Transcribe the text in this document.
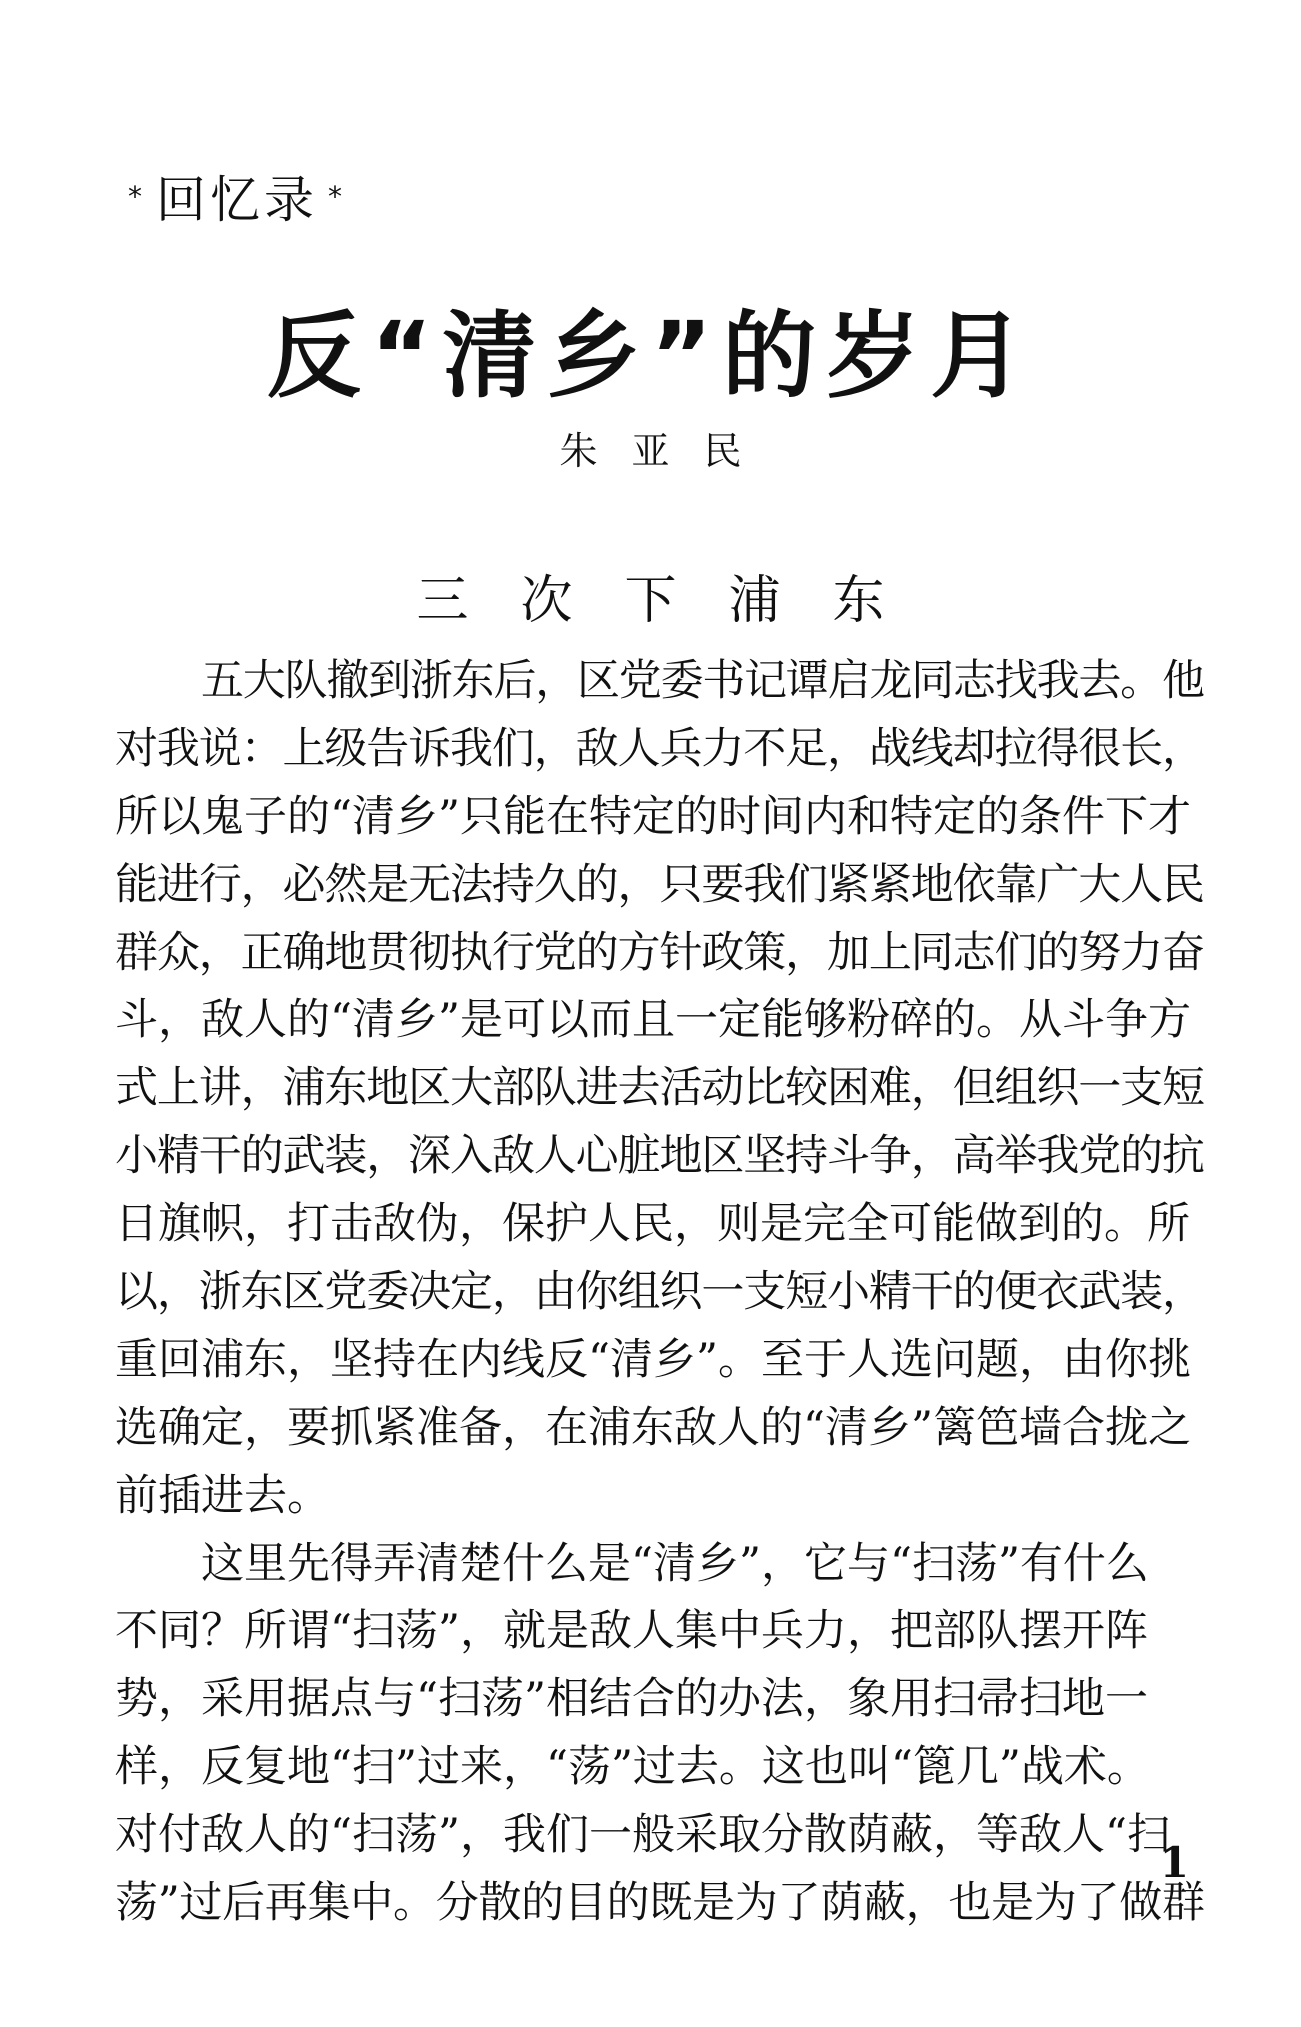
* 回忆录 *
反“清乡”的岁月
朱亚民
三次下浦东
五大队撤到浙东后，区党委书记谭启龙同志找我去。他
对我说：上级告诉我们，敌人兵力不足，战线却拉得很长，
所以鬼子的“清乡”只能在特定的时间内和特定的条件下才
能进行，必然是无法持久的，只要我们紧紧地依靠广大人民
群众，正确地贯彻执行党的方针政策，加上同志们的努力奋
斗，敌人的“清乡”是可以而且一定能够粉碎的。从斗争方
式上讲，浦东地区大部队进去活动比较困难，但组织一支短
小精干的武装，深入敌人心脏地区坚持斗争，高举我党的抗
日旗帜，打击敌伪，保护人民，则是完全可能做到的。所
以，浙东区党委决定，由你组织一支短小精干的便衣武装，
重回浦东，坚持在内线反“清乡”。至于人选问题，由你挑
选确定，要抓紧准备，在浦东敌人的“清乡”篱笆墙合拢之
前插进去。
这里先得弄清楚什么是“清乡”，它与“扫荡”有什么
不同？所谓“扫荡”，就是敌人集中兵力，把部队摆开阵
势，采用据点与“扫荡”相结合的办法，象用扫帚扫地一
样，反复地“扫”过来，“荡”过去。这也叫“篦几”战术。
对付敌人的“扫荡”，我们一般采取分散荫蔽，等敌人“扫
荡”过后再集中。分散的目的既是为了荫蔽，也是为了做群
1
